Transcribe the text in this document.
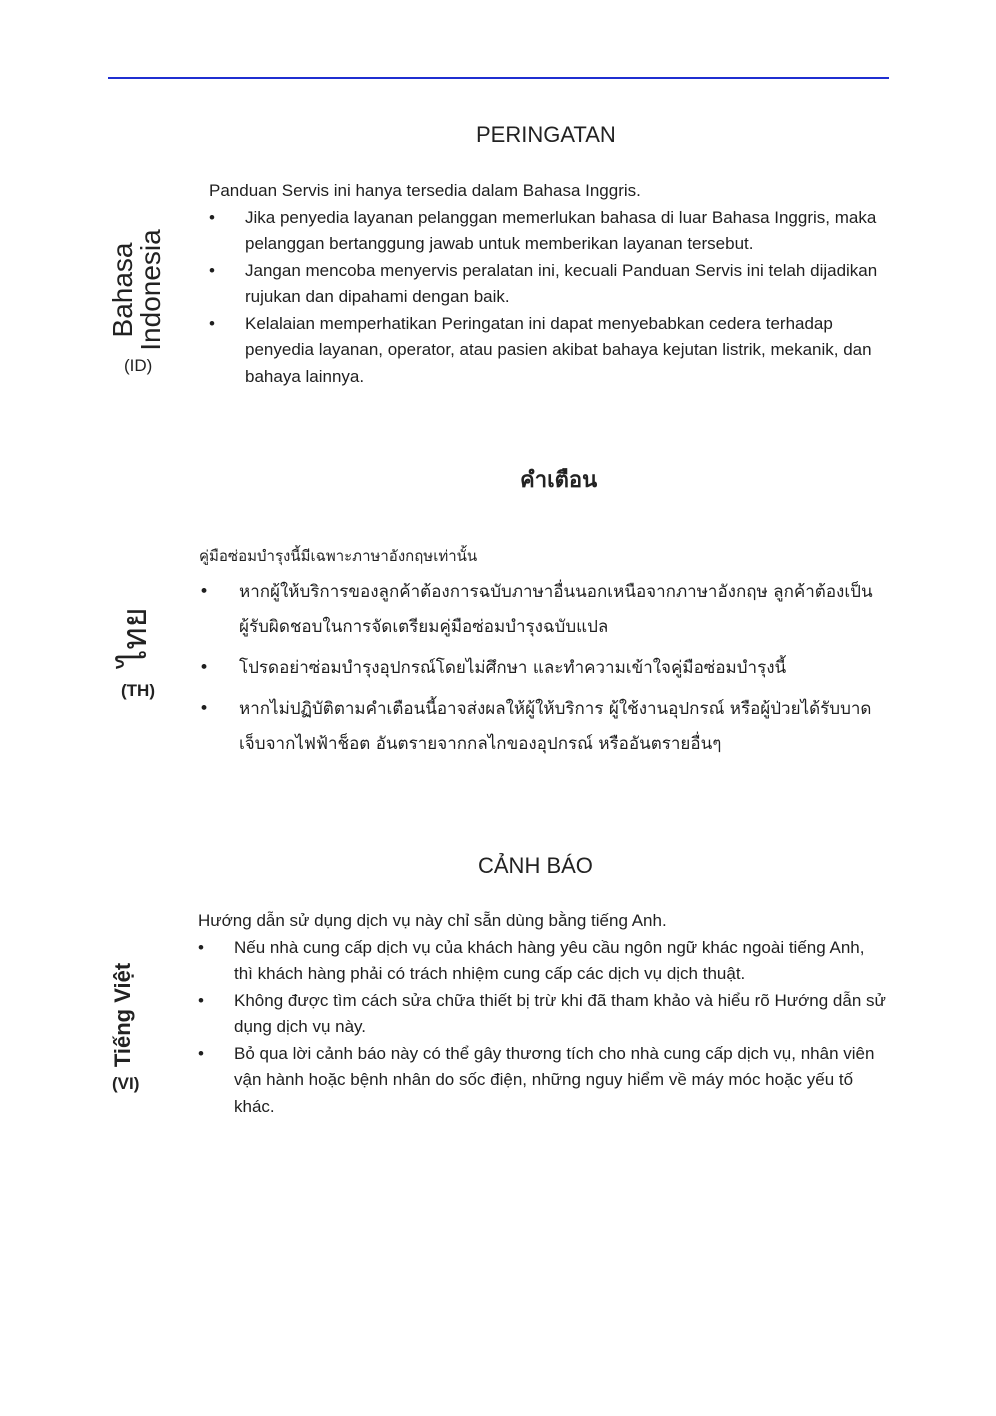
PERINGATAN
Bahasa Indonesia
(ID)

Panduan Servis ini hanya tersedia dalam Bahasa Inggris.

• Jika penyedia layanan pelanggan memerlukan bahasa di luar Bahasa Inggris, maka pelanggan bertanggung jawab untuk memberikan layanan tersebut.
• Jangan mencoba menyervis peralatan ini, kecuali Panduan Servis ini telah dijadikan rujukan dan dipahami dengan baik.
• Kelalaian memperhatikan Peringatan ini dapat menyebabkan cedera terhadap penyedia layanan, operator, atau pasien akibat bahaya kejutan listrik, mekanik, dan bahaya lainnya.
คำเตือน
ไทย
(TH)

คู่มือซ่อมบำรุงนี้มีเฉพาะภาษาอังกฤษเท่านั้น

• หากผู้ให้บริการของลูกค้าต้องการฉบับภาษาอื่นนอกเหนือจากภาษาอังกฤษ ลูกค้าต้องเป็นผู้รับผิดชอบในการจัดเตรียมคู่มือซ่อมบำรุงฉบับแปล
• โปรดอย่าซ่อมบำรุงอุปกรณ์โดยไม่ศึกษา และทำความเข้าใจคู่มือซ่อมบำรุงนี้
• หากไม่ปฏิบัติตามคำเตือนนี้อาจส่งผลให้ผู้ให้บริการ ผู้ใช้งานอุปกรณ์ หรือผู้ป่วยได้รับบาดเจ็บจากไฟฟ้าช็อต อันตรายจากกลไกของอุปกรณ์ หรืออันตรายอื่นๆ
CẢNH BÁO
Tiếng Việt
(VI)

Hướng dẫn sử dụng dịch vụ này chỉ sẵn dùng bằng tiếng Anh.

• Nếu nhà cung cấp dịch vụ của khách hàng yêu cầu ngôn ngữ khác ngoài tiếng Anh, thì khách hàng phải có trách nhiệm cung cấp các dịch vụ dịch thuật.
• Không được tìm cách sửa chữa thiết bị trừ khi đã tham khảo và hiểu rõ Hướng dẫn sử dụng dịch vụ này.
• Bỏ qua lời cảnh báo này có thể gây thương tích cho nhà cung cấp dịch vụ, nhân viên vận hành hoặc bệnh nhân do sốc điện, những nguy hiểm về máy móc hoặc yếu tố khác.
